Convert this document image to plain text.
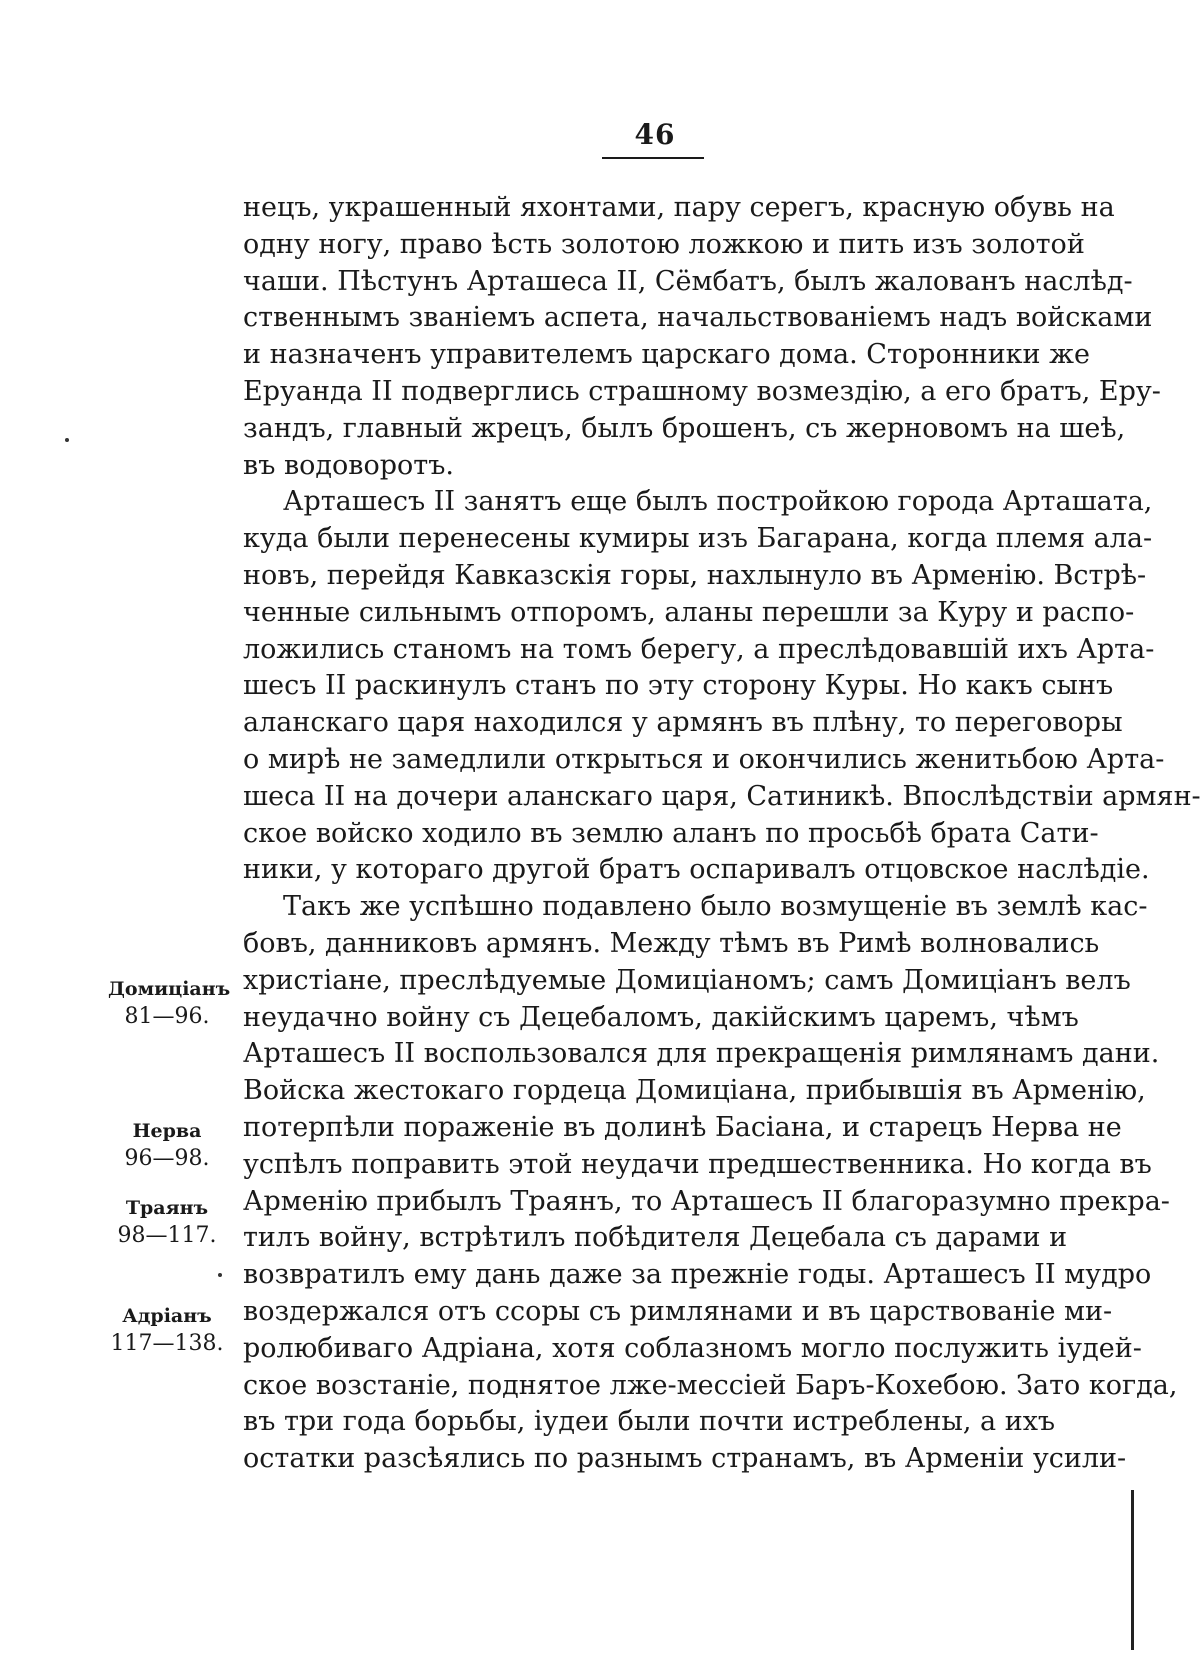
46
нецъ, украшенный яхонтами, пару серегъ, красную обувь на
одну ногу, право ѣсть золотою ложкою и пить изъ золотой
чаши. Пѣстунъ Арташеса II, Сёмбатъ, былъ жалованъ наслѣд-
ственнымъ званіемъ аспета, начальствованіемъ надъ войсками
и назначенъ управителемъ царскаго дома. Сторонники же
Еруанда II подверглись страшному возмездію, а его братъ, Еру-
зандъ, главный жрецъ, былъ брошенъ, съ жерновомъ на шеѣ,
въ водоворотъ.
Арташесъ II занятъ еще былъ постройкою города Арташата,
куда были перенесены кумиры изъ Багарана, когда племя ала-
новъ, перейдя Кавказскія горы, нахлынуло въ Арменію. Встрѣ-
ченные сильнымъ отпоромъ, аланы перешли за Куру и распо-
ложились станомъ на томъ берегу, а преслѣдовавшій ихъ Арта-
шесъ II раскинулъ станъ по эту сторону Куры. Но какъ сынъ
аланскаго царя находился у армянъ въ плѣну, то переговоры
о мирѣ не замедлили открыться и окончились женитьбою Арта-
шеса II на дочери аланскаго царя, Сатиникѣ. Впослѣдствіи армян-
ское войско ходило въ землю аланъ по просьбѣ брата Сати-
ники, у котораго другой братъ оспаривалъ отцовское наслѣдіе.
Такъ же успѣшно подавлено было возмущеніе въ землѣ кас-
бовъ, данниковъ армянъ. Между тѣмъ въ Римѣ волновались
христіане, преслѣдуемые Домиціаномъ; самъ Домиціанъ велъ
неудачно войну съ Децебаломъ, дакійскимъ царемъ, чѣмъ
Арташесъ II воспользовался для прекращенія римлянамъ дани.
Войска жестокаго гордеца Домиціана, прибывшія въ Арменію,
потерпѣли пораженіе въ долинѣ Басіана, и старецъ Нерва не
успѣлъ поправить этой неудачи предшественника. Но когда въ
Арменію прибылъ Траянъ, то Арташесъ II благоразумно прекра-
тилъ войну, встрѣтилъ побѣдителя Децебала съ дарами и
возвратилъ ему дань даже за прежніе годы. Арташесъ II мудро
воздержался отъ ссоры съ римлянами и въ царствованіе ми-
ролюбиваго Адріана, хотя соблазномъ могло послужить іудей-
ское возстаніе, поднятое лже-мессіей Баръ-Кохебою. Зато когда,
въ три года борьбы, іудеи были почти истреблены, а ихъ
остатки разсѣялись по разнымъ странамъ, въ Арменіи усили-
Домиціанъ
81—96.
Нерва
96—98.
Траянъ
98—117.
Адріанъ
117—138.
